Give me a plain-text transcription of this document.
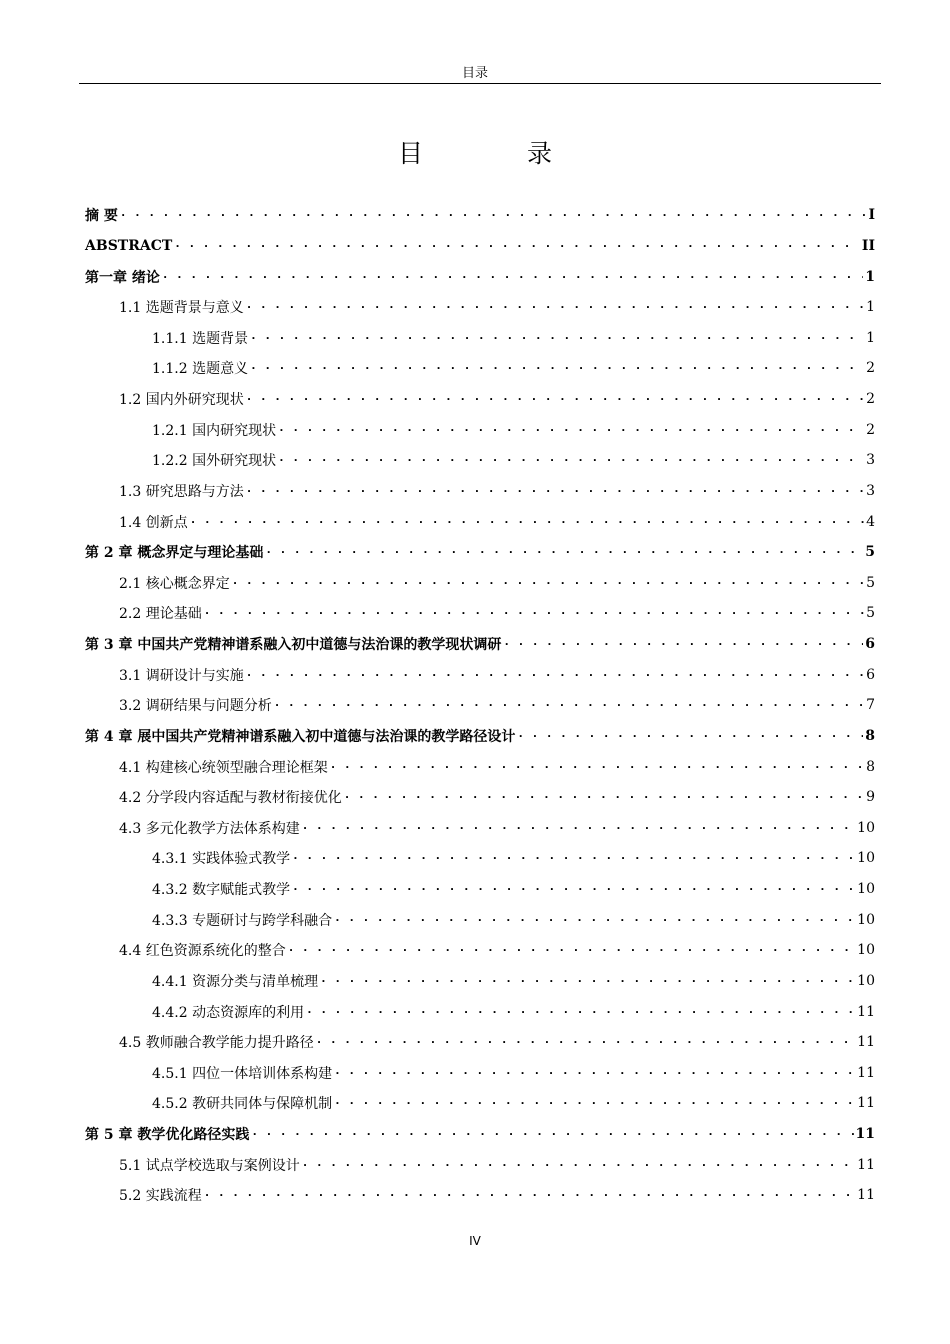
目录
目 录
摘 要 . . .	I
ABSTRACT . . .	II
第一章 绪论 . . .	1
1.1 选题背景与意义 . . .	1
1.1.1 选题背景 . . .	1
1.1.2 选题意义 . . .	2
1.2 国内外研究现状 . . .	2
1.2.1 国内研究现状 . . .	2
1.2.2 国外研究现状 . . .	3
1.3 研究思路与方法 . . .	3
1.4 创新点 . . .	4
第 2 章 概念界定与理论基础 . . .	5
2.1 核心概念界定 . . .	5
2.2 理论基础 . . .	5
第 3 章 中国共产党精神谱系融入初中道德与法治课的教学现状调研 . . .	6
3.1 调研设计与实施 . . .	6
3.2 调研结果与问题分析 . . .	7
第 4 章 展中国共产党精神谱系融入初中道德与法治课的教学路径设计 . . .	8
4.1 构建核心统领型融合理论框架 . . .	8
4.2 分学段内容适配与教材衔接优化 . . .	9
4.3 多元化教学方法体系构建 . . .	10
4.3.1 实践体验式教学 . . .	10
4.3.2 数字赋能式教学 . . .	10
4.3.3 专题研讨与跨学科融合 . . .	10
4.4 红色资源系统化的整合 . . .	10
4.4.1 资源分类与清单梳理 . . .	10
4.4.2 动态资源库的利用 . . .	11
4.5 教师融合教学能力提升路径 . . .	11
4.5.1 四位一体培训体系构建 . . .	11
4.5.2 教研共同体与保障机制 . . .	11
第 5 章 教学优化路径实践 . . .	11
5.1 试点学校选取与案例设计 . . .	11
5.2 实践流程 . . .	11
IV
